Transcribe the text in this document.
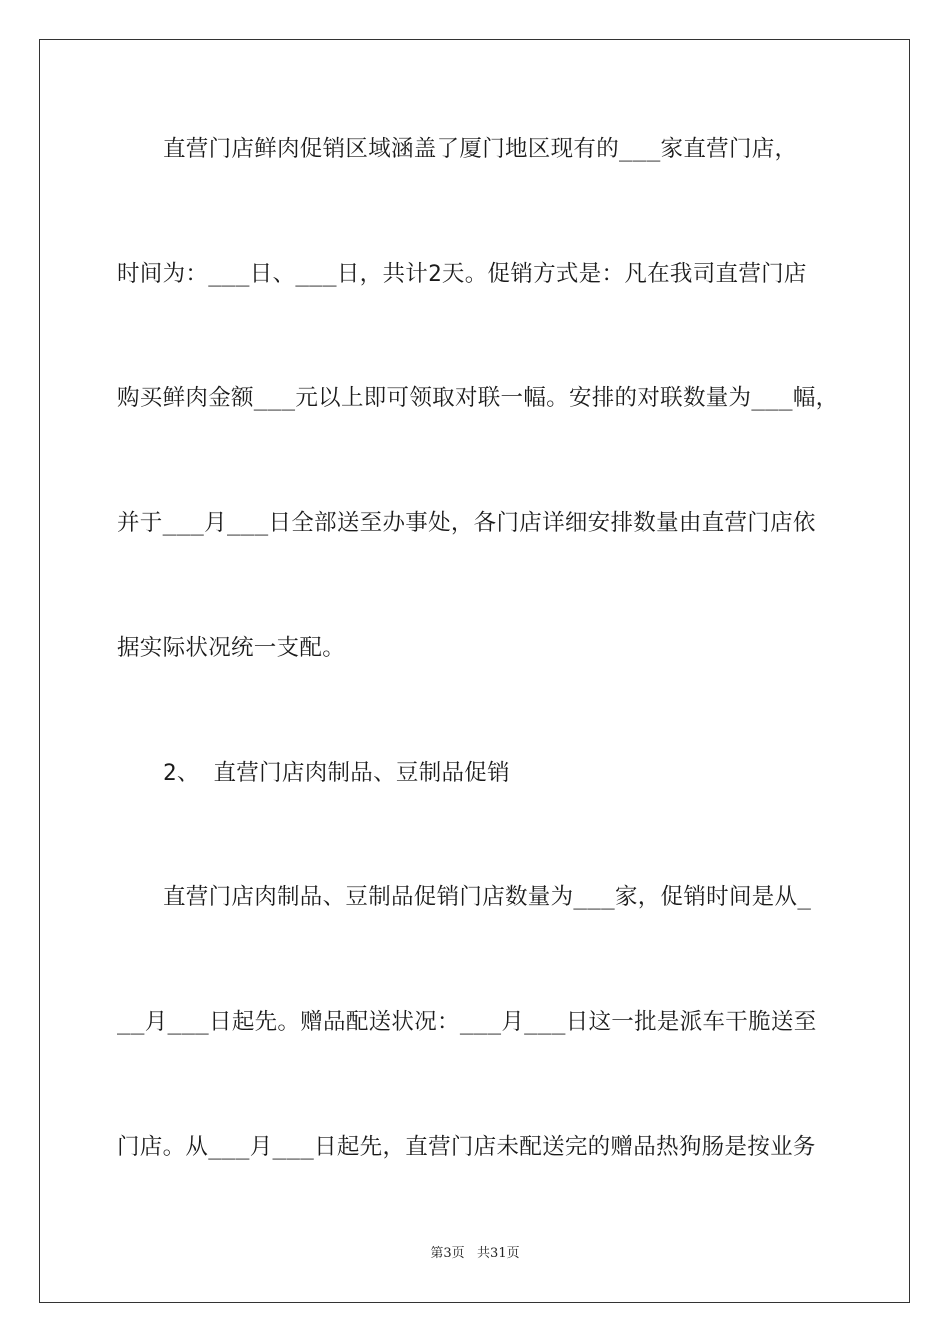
直营门店鲜肉促销区域涵盖了厦门地区现有的___家直营门店，

时间为：___日、___日，共计2天。促销方式是：凡在我司直营门店

购买鲜肉金额___元以上即可领取对联一幅。安排的对联数量为___幅，

并于___月___日全部送至办事处，各门店详细安排数量由直营门店依

据实际状况统一支配。

2、 直营门店肉制品、豆制品促销

直营门店肉制品、豆制品促销门店数量为___家，促销时间是从_

__月___日起先。赠品配送状况：___月___日这一批是派车干脆送至

门店。从___月___日起先，直营门店未配送完的赠品热狗肠是按业务

第3页   共31页
